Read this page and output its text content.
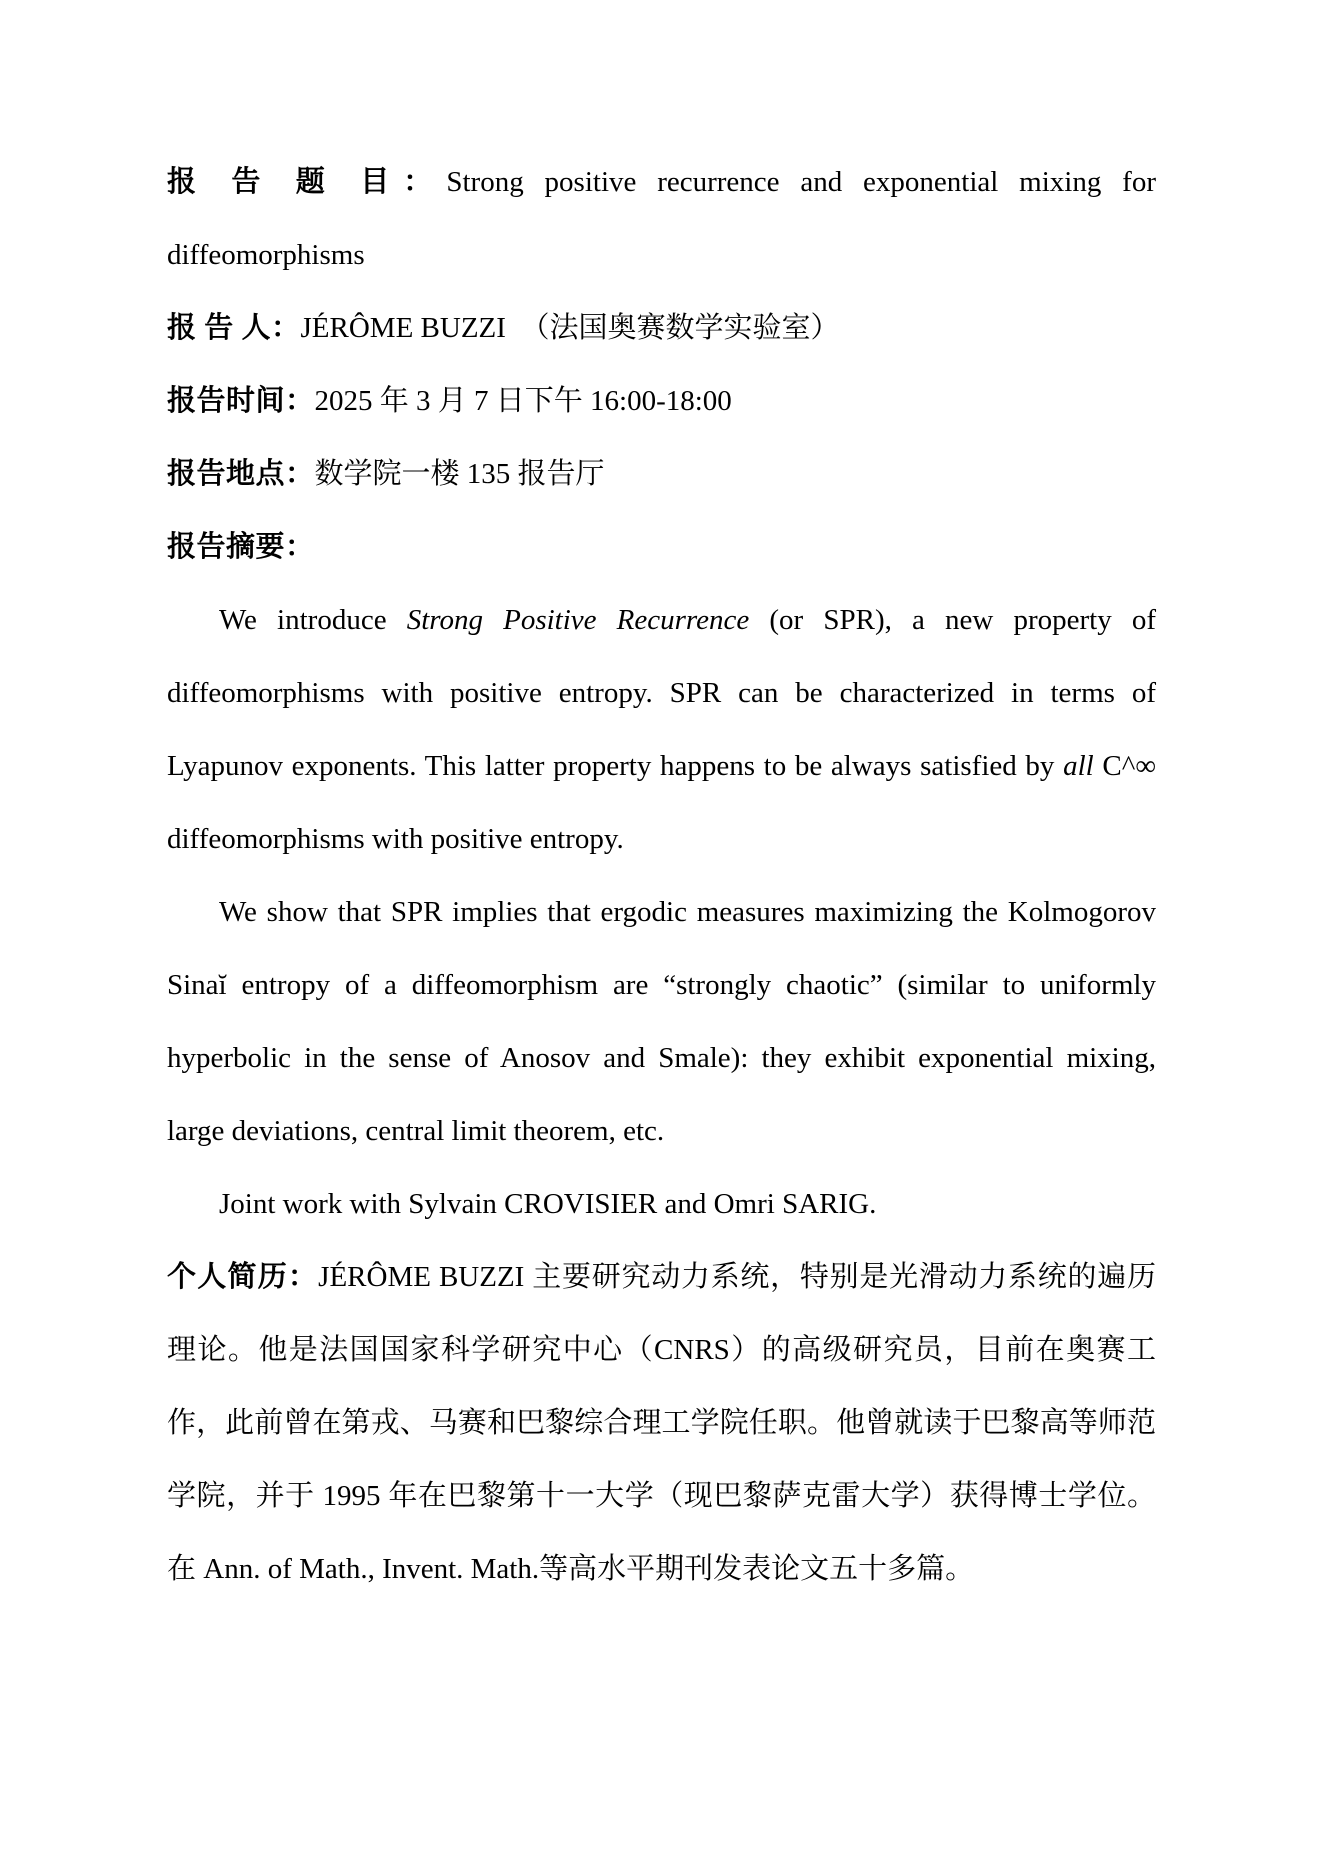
报 告 题 目：Strong positive recurrence and exponential mixing for diffeomorphisms

报 告 人：JÉRÔME BUZZI （法国奥赛数学实验室）

报告时间：2025 年 3 月 7 日下午 16:00-18:00

报告地点：数学院一楼 135 报告厅

报告摘要：

We introduce Strong Positive Recurrence (or SPR), a new property of diffeomorphisms with positive entropy. SPR can be characterized in terms of Lyapunov exponents. This latter property happens to be always satisfied by all C^∞ diffeomorphisms with positive entropy.

We show that SPR implies that ergodic measures maximizing the Kolmogorov Sinaĭ entropy of a diffeomorphism are “strongly chaotic” (similar to uniformly hyperbolic in the sense of Anosov and Smale): they exhibit exponential mixing, large deviations, central limit theorem, etc.

Joint work with Sylvain CROVISIER and Omri SARIG.

个人简历：JÉRÔME BUZZI 主要研究动力系统，特别是光滑动力系统的遍历理论。他是法国国家科学研究中心（CNRS）的高级研究员，目前在奥赛工作，此前曾在第戎、马赛和巴黎综合理工学院任职。他曾就读于巴黎高等师范学院，并于 1995 年在巴黎第十一大学（现巴黎萨克雷大学）获得博士学位。在 Ann. of Math., Invent. Math.等高水平期刊发表论文五十多篇。
